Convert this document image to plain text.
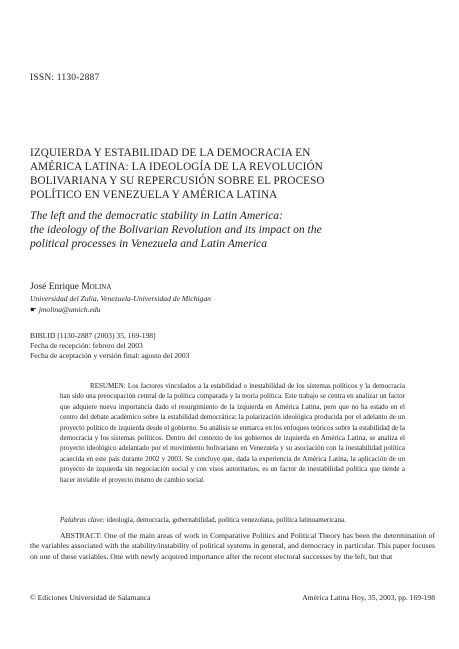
ISSN: 1130-2887
IZQUIERDA Y ESTABILIDAD DE LA DEMOCRACIA EN
AMÉRICA LATINA: LA IDEOLOGÍA DE LA REVOLUCIÓN
BOLIVARIANA Y SU REPERCUSIÓN SOBRE EL PROCESO
POLÍTICO EN VENEZUELA Y AMÉRICA LATINA
The left and the democratic stability in Latin America:
the ideology of the Bolivarian Revolution and its impact on the
political processes in Venezuela and Latin America
José Enrique Molina
Universidad del Zulia, Venezuela-Universidad de Michigan
☛ jmolina@umich.edu
BIBLID [1130-2887 (2003) 35, 169-198]
Fecha de recepción: febrero del 2003
Fecha de aceptación y versión final: agosto del 2003

RESUMEN: Los factores vinculados a la estabilidad o inestabilidad de los sistemas políticos y la democracia han sido una preocupación central de la política comparada y la teoría política. Este trabajo se centra en analizar un factor que adquiere nueva importancia dado el resurgimiento de la izquierda en América Latina, pero que no ha estado en el centro del debate académico sobre la estabilidad democrática: la polarización ideológica producida por el adelanto de un proyecto político de izquierda desde el gobierno. Su análisis se enmarca en los enfoques teóricos sobre la estabilidad de la democracia y los sistemas políticos. Dentro del contexto de los gobiernos de izquierda en América Latina, se analiza el proyecto ideológico adelantado por el movimiento bolivariano en Venezuela y su asociación con la inestabilidad política acaecida en este país durante 2002 y 2003. Se concluye que, dada la experiencia de América Latina, la aplicación de un proyecto de izquierda sin negociación social y con visos autoritarios, es un factor de inestabilidad política que tiende a hacer inviable el proyecto mismo de cambio social.

Palabras clave: ideología, democracia, gobernabilidad, política venezolana, política latinoamericana.

ABSTRACT: One of the main areas of work in Comparative Politics and Political Theory has been the determination of the variables associated with the stability/instability of political systems in general, and democracy in particular. This paper focuses on one of these variables. One with newly acquired importance after the recent electoral successes by the left, but that

© Ediciones Universidad de Salamanca	América Latina Hoy, 35, 2003, pp. 169-198
